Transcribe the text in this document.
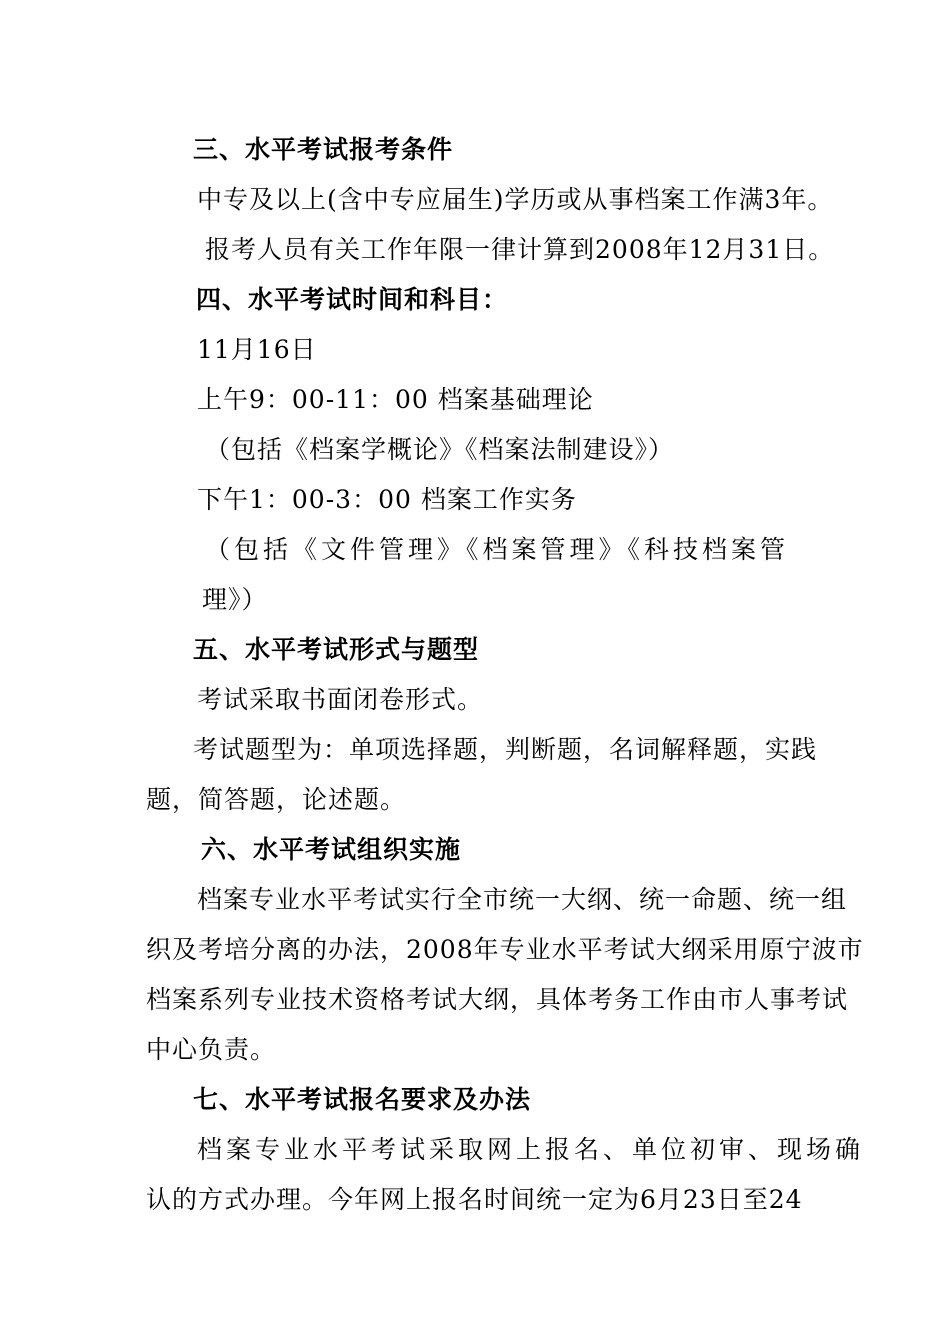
三、水平考试报考条件
中专及以上(含中专应届生)学历或从事档案工作满3年。
报考人员有关工作年限一律计算到2008年12月31日。
四、水平考试时间和科目：
11月16日
上午9：00-11：00 档案基础理论
（包括《档案学概论》《档案法制建设》）
下午1：00-3：00 档案工作实务
（包括《文件管理》《档案管理》《科技档案管
理》）
五、水平考试形式与题型
考试采取书面闭卷形式。
考试题型为：单项选择题，判断题，名词解释题，实践
题，简答题，论述题。
六、水平考试组织实施
档案专业水平考试实行全市统一大纲、统一命题、统一组
织及考培分离的办法，2008年专业水平考试大纲采用原宁波市
档案系列专业技术资格考试大纲，具体考务工作由市人事考试
中心负责。
七、水平考试报名要求及办法
档案专业水平考试采取网上报名、单位初审、现场确
认的方式办理。今年网上报名时间统一定为6月23日至24
